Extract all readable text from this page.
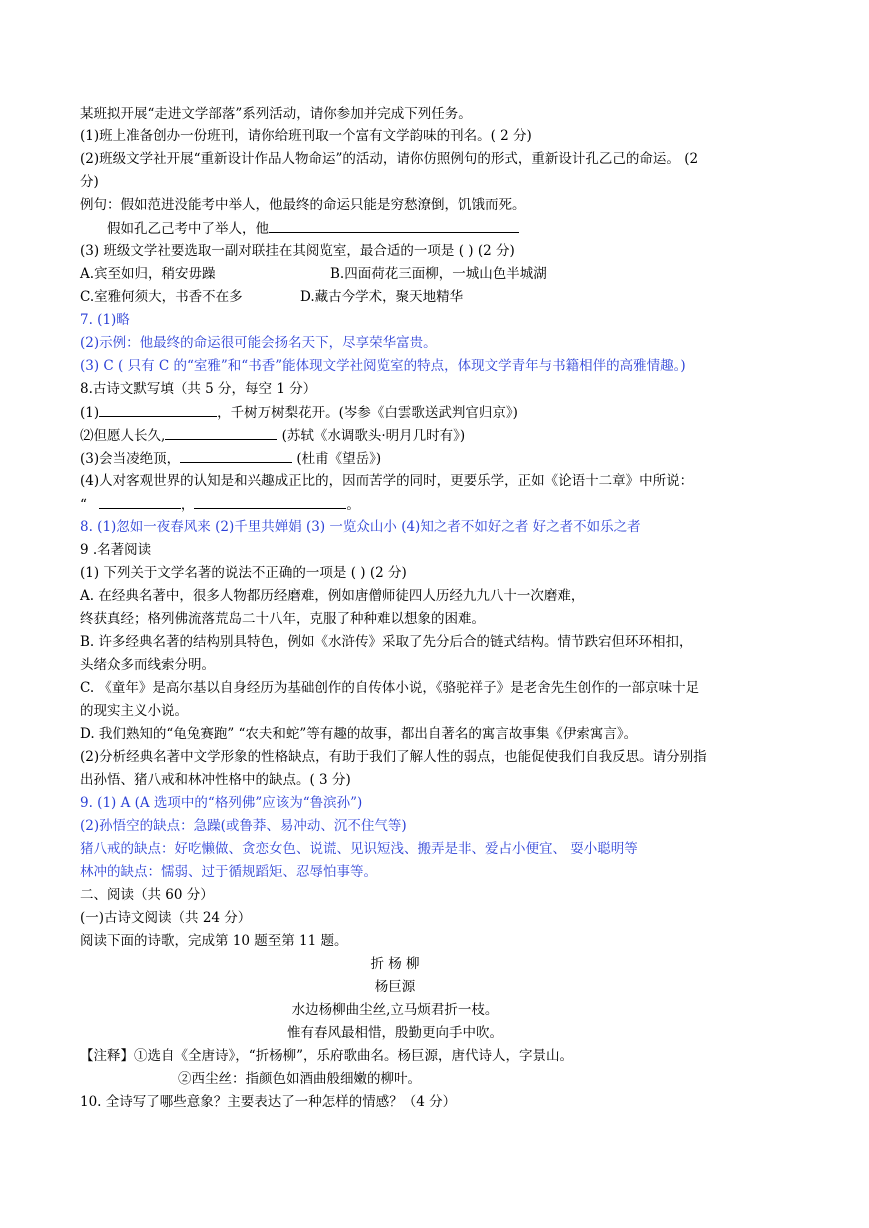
某班拟开展“走进文学部落”系列活动，请你参加并完成下列任务。
(1)班上准备创办一份班刊，请你给班刊取一个富有文学韵味的刊名。( 2 分)
(2)班级文学社开展“重新设计作品人物命运”的活动，请你仿照例句的形式，重新设计孔乙己的命运。 (2
分)
例句：假如范进没能考中举人，他最终的命运只能是穷愁潦倒，饥饿而死。
假如孔乙己考中了举人，他
(3) 班级文学社要选取一副对联挂在其阅览室，最合适的一项是 ( ) (2 分)
A.宾至如归，稍安毋躁	B.四面荷花三面柳，一城山色半城湖
C.室雅何须大，书香不在多	D.藏古今学术，聚天地精华
7. (1)略
(2)示例：他最终的命运很可能会扬名天下，尽享荣华富贵。
(3) C ( 只有 C 的“室雅”和“书香”能体现文学社阅览室的特点，体现文学青年与书籍相伴的高雅情趣。)
8.古诗文默写填（共 5 分，每空 1 分）
(1)	，千树万树梨花开。(岑参《白雲歌送武判官归京》)
⑵但愿人长久,	(苏轼《水调歌头·明月几时有》)
(3)会当凌绝顶，	(杜甫《望岳》)
(4)人对客观世界的认知是和兴趣成正比的，因而苦学的同时，更要乐学，正如《论语十二章》中所说：
“	，	。
8. (1)忽如一夜春风来 (2)千里共婵娟 (3) 一览众山小 (4)知之者不如好之者 好之者不如乐之者
9 .名著阅读
(1) 下列关于文学名著的说法不正确的一项是 ( ) (2 分)
A. 在经典名著中，很多人物都历经磨难，例如唐僧师徒四人历经九九八十一次磨难，
终获真经；格列佛流落荒岛二十八年，克服了种种难以想象的困难。
B. 许多经典名著的结构别具特色，例如《水浒传》采取了先分后合的链式结构。情节跌宕但环环相扣，
头绪众多而线索分明。
C. 《童年》是高尔基以自身经历为基础创作的自传体小说，《骆驼祥子》是老舍先生创作的一部京味十足
的现实主义小说。
D. 我们熟知的“龟兔赛跑” “农夫和蛇”等有趣的故事，都出自著名的寓言故事集《伊索寓言》。
(2)分析经典名著中文学形象的性格缺点，有助于我们了解人性的弱点，也能促使我们自我反思。请分别指
出孙悟、猪八戒和林冲性格中的缺点。( 3 分)
9. (1) A (A 选项中的“格列佛”应该为“鲁滨孙”)
(2)孙悟空的缺点：急躁(或鲁莽、易冲动、沉不住气等)
猪八戒的缺点：好吃懒做、贪恋女色、说谎、见识短浅、搬弄是非、爱占小便宜、 耍小聪明等
林冲的缺点：懦弱、过于循规蹈矩、忍辱怕事等。
二、阅读（共 60 分）
(一)古诗文阅读（共 24 分）
阅读下面的诗歌，完成第 10 题至第 11 题。
折 杨 柳
杨巨源
水边杨柳曲尘丝,立马烦君折一枝。
惟有春风最相惜，殷勤更向手中吹。
【注释】①选自《全唐诗》，“折杨柳”，乐府歌曲名。杨巨源，唐代诗人，字景山。
②西尘丝：指颜色如酒曲般细嫩的柳叶。
10. 全诗写了哪些意象？主要表达了一种怎样的情感？（4 分）
